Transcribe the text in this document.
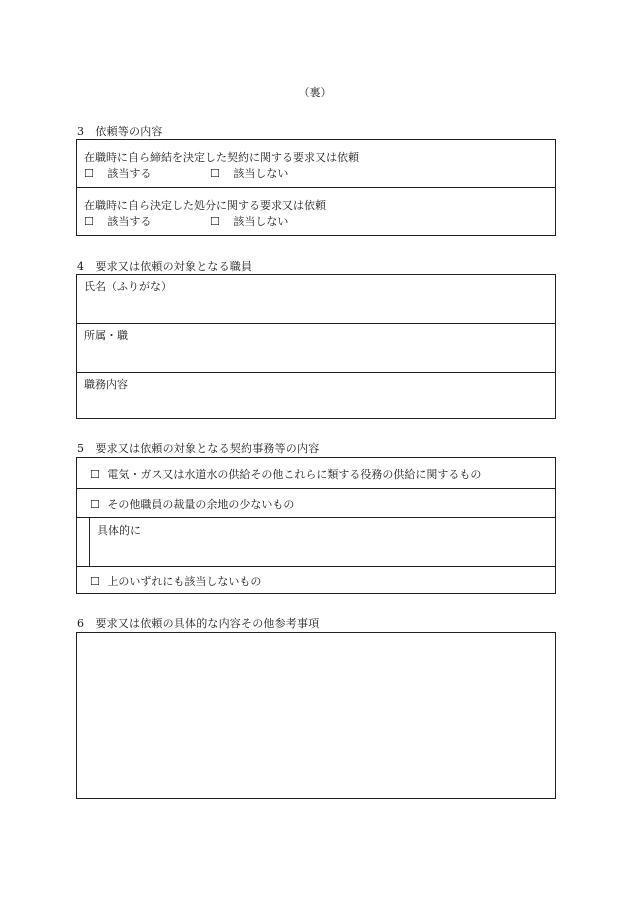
（裏）
3　依頼等の内容
在職時に自ら締結を決定した契約に関する要求又は依頼
☐ 該当する	☐ 該当しない
在職時に自ら決定した処分に関する要求又は依頼
☐ 該当する	☐ 該当しない
4　要求又は依頼の対象となる職員
氏名（ふりがな）
所属・職
職務内容
5　要求又は依頼の対象となる契約事務等の内容
☐ 電気・ガス又は水道水の供給その他これらに類する役務の供給に関するもの
☐ その他職員の裁量の余地の少ないもの
具体的に
☐ 上のいずれにも該当しないもの
6　要求又は依頼の具体的な内容その他参考事項
